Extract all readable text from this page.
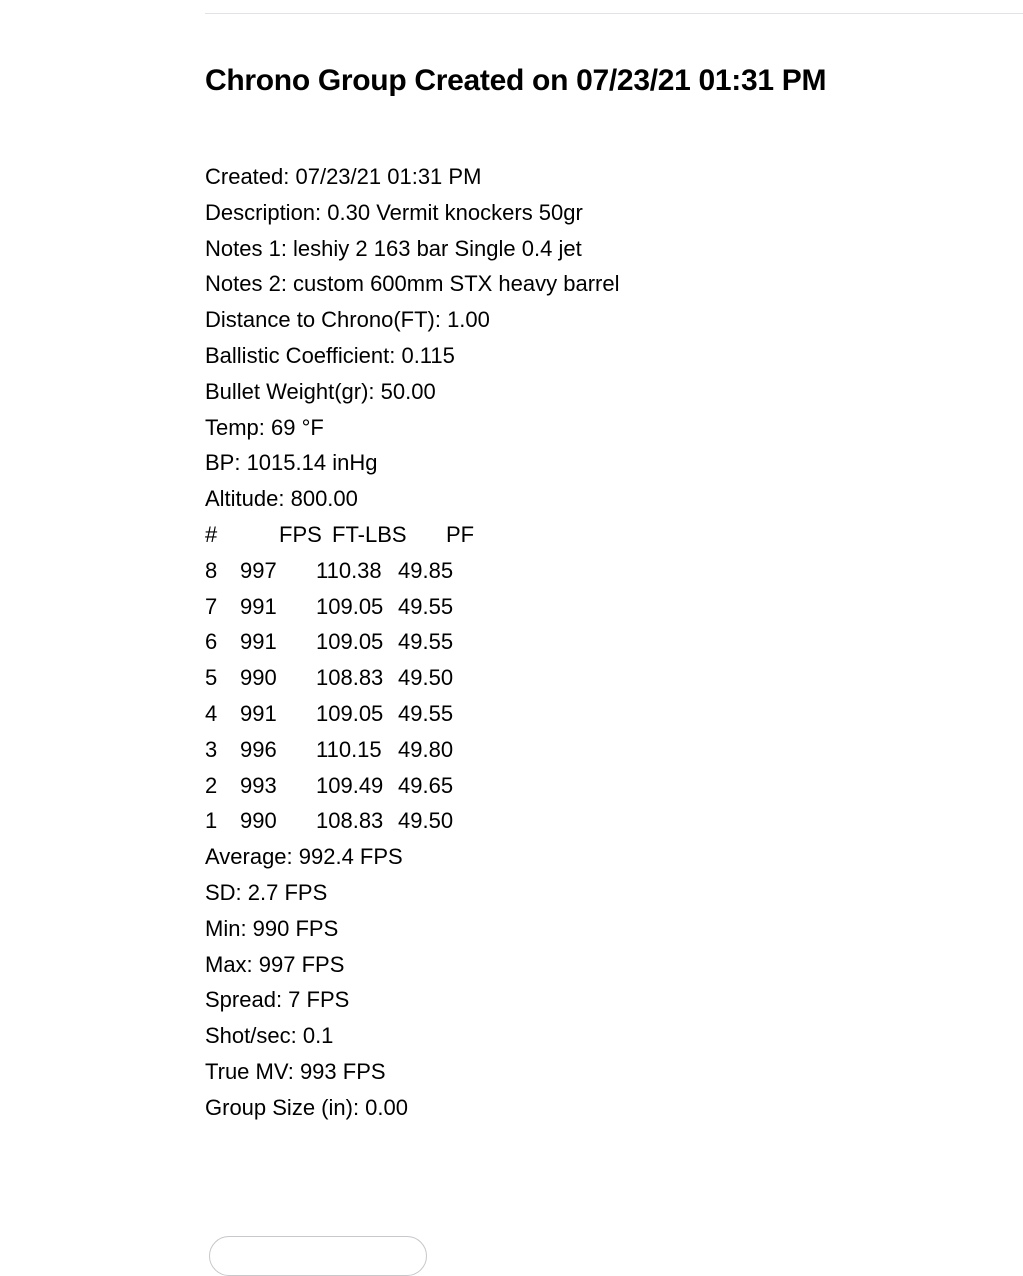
Chrono Group Created on 07/23/21 01:31 PM
Created: 07/23/21 01:31 PM
Description: 0.30 Vermit knockers 50gr
Notes 1: leshiy 2 163 bar Single 0.4 jet
Notes 2: custom 600mm STX heavy barrel
Distance to Chrono(FT): 1.00
Ballistic Coefficient: 0.115
Bullet Weight(gr): 50.00
Temp: 69 °F
BP: 1015.14 inHg
Altitude: 800.00
#	FPS FT-LBS PF
8 997 110.38 49.85
7 991 109.05 49.55
6 991 109.05 49.55
5 990 108.83 49.50
4 991 109.05 49.55
3 996 110.15 49.80
2 993 109.49 49.65
1 990 108.83 49.50
Average: 992.4 FPS
SD: 2.7 FPS
Min: 990 FPS
Max: 997 FPS
Spread: 7 FPS
Shot/sec: 0.1
True MV: 993 FPS
Group Size (in): 0.00
